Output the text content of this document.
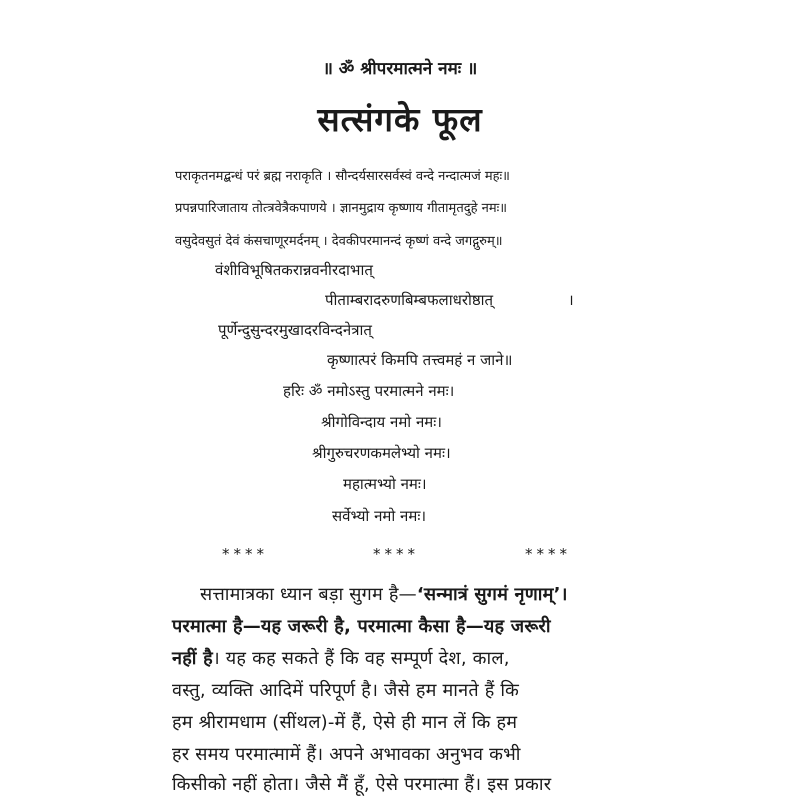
॥ ॐ श्रीपरमात्मने नमः ॥
सत्संगके फूल
पराकृतनमद्बन्धं परं ब्रह्म नराकृति । सौन्दर्यसारसर्वस्वं वन्दे नन्दात्मजं महः॥
प्रपन्नपारिजाताय तोत्त्रवेत्रैकपाणये । ज्ञानमुद्राय कृष्णाय गीतामृतदुहे नमः॥
वसुदेवसुतं देवं कंसचाणूरमर्दनम् । देवकीपरमानन्दं कृष्णं वन्दे जगद्गुरुम्॥
वंशीविभूषितकरान्नवनीरदाभात्
पीताम्बरादरुणबिम्बफलाधरोष्ठात्	।
पूर्णेन्दुसुन्दरमुखादरविन्दनेत्रात्
कृष्णात्परं किमपि तत्त्वमहं न जाने॥
हरिः ॐ नमोऽस्तु परमात्मने नमः।
श्रीगोविन्दाय नमो नमः।
श्रीगुरुचरणकमलेभ्यो नमः।
महात्मभ्यो नमः।
सर्वेभ्यो नमो नमः।
****	****	****
सत्तामात्रका ध्यान बड़ा सुगम है—‘सन्मात्रं सुगमं नृणाम्’।
परमात्मा है—यह जरूरी है, परमात्मा कैसा है—यह जरूरी
नहीं है। यह कह सकते हैं कि वह सम्पूर्ण देश, काल,
वस्तु, व्यक्ति आदिमें परिपूर्ण है। जैसे हम मानते हैं कि
हम श्रीरामधाम (सींथल)-में हैं, ऐसे ही मान लें कि हम
हर समय परमात्मामें हैं। अपने अभावका अनुभव कभी
किसीको नहीं होता। जैसे मैं हूँ, ऐसे परमात्मा हैं। इस प्रकार
